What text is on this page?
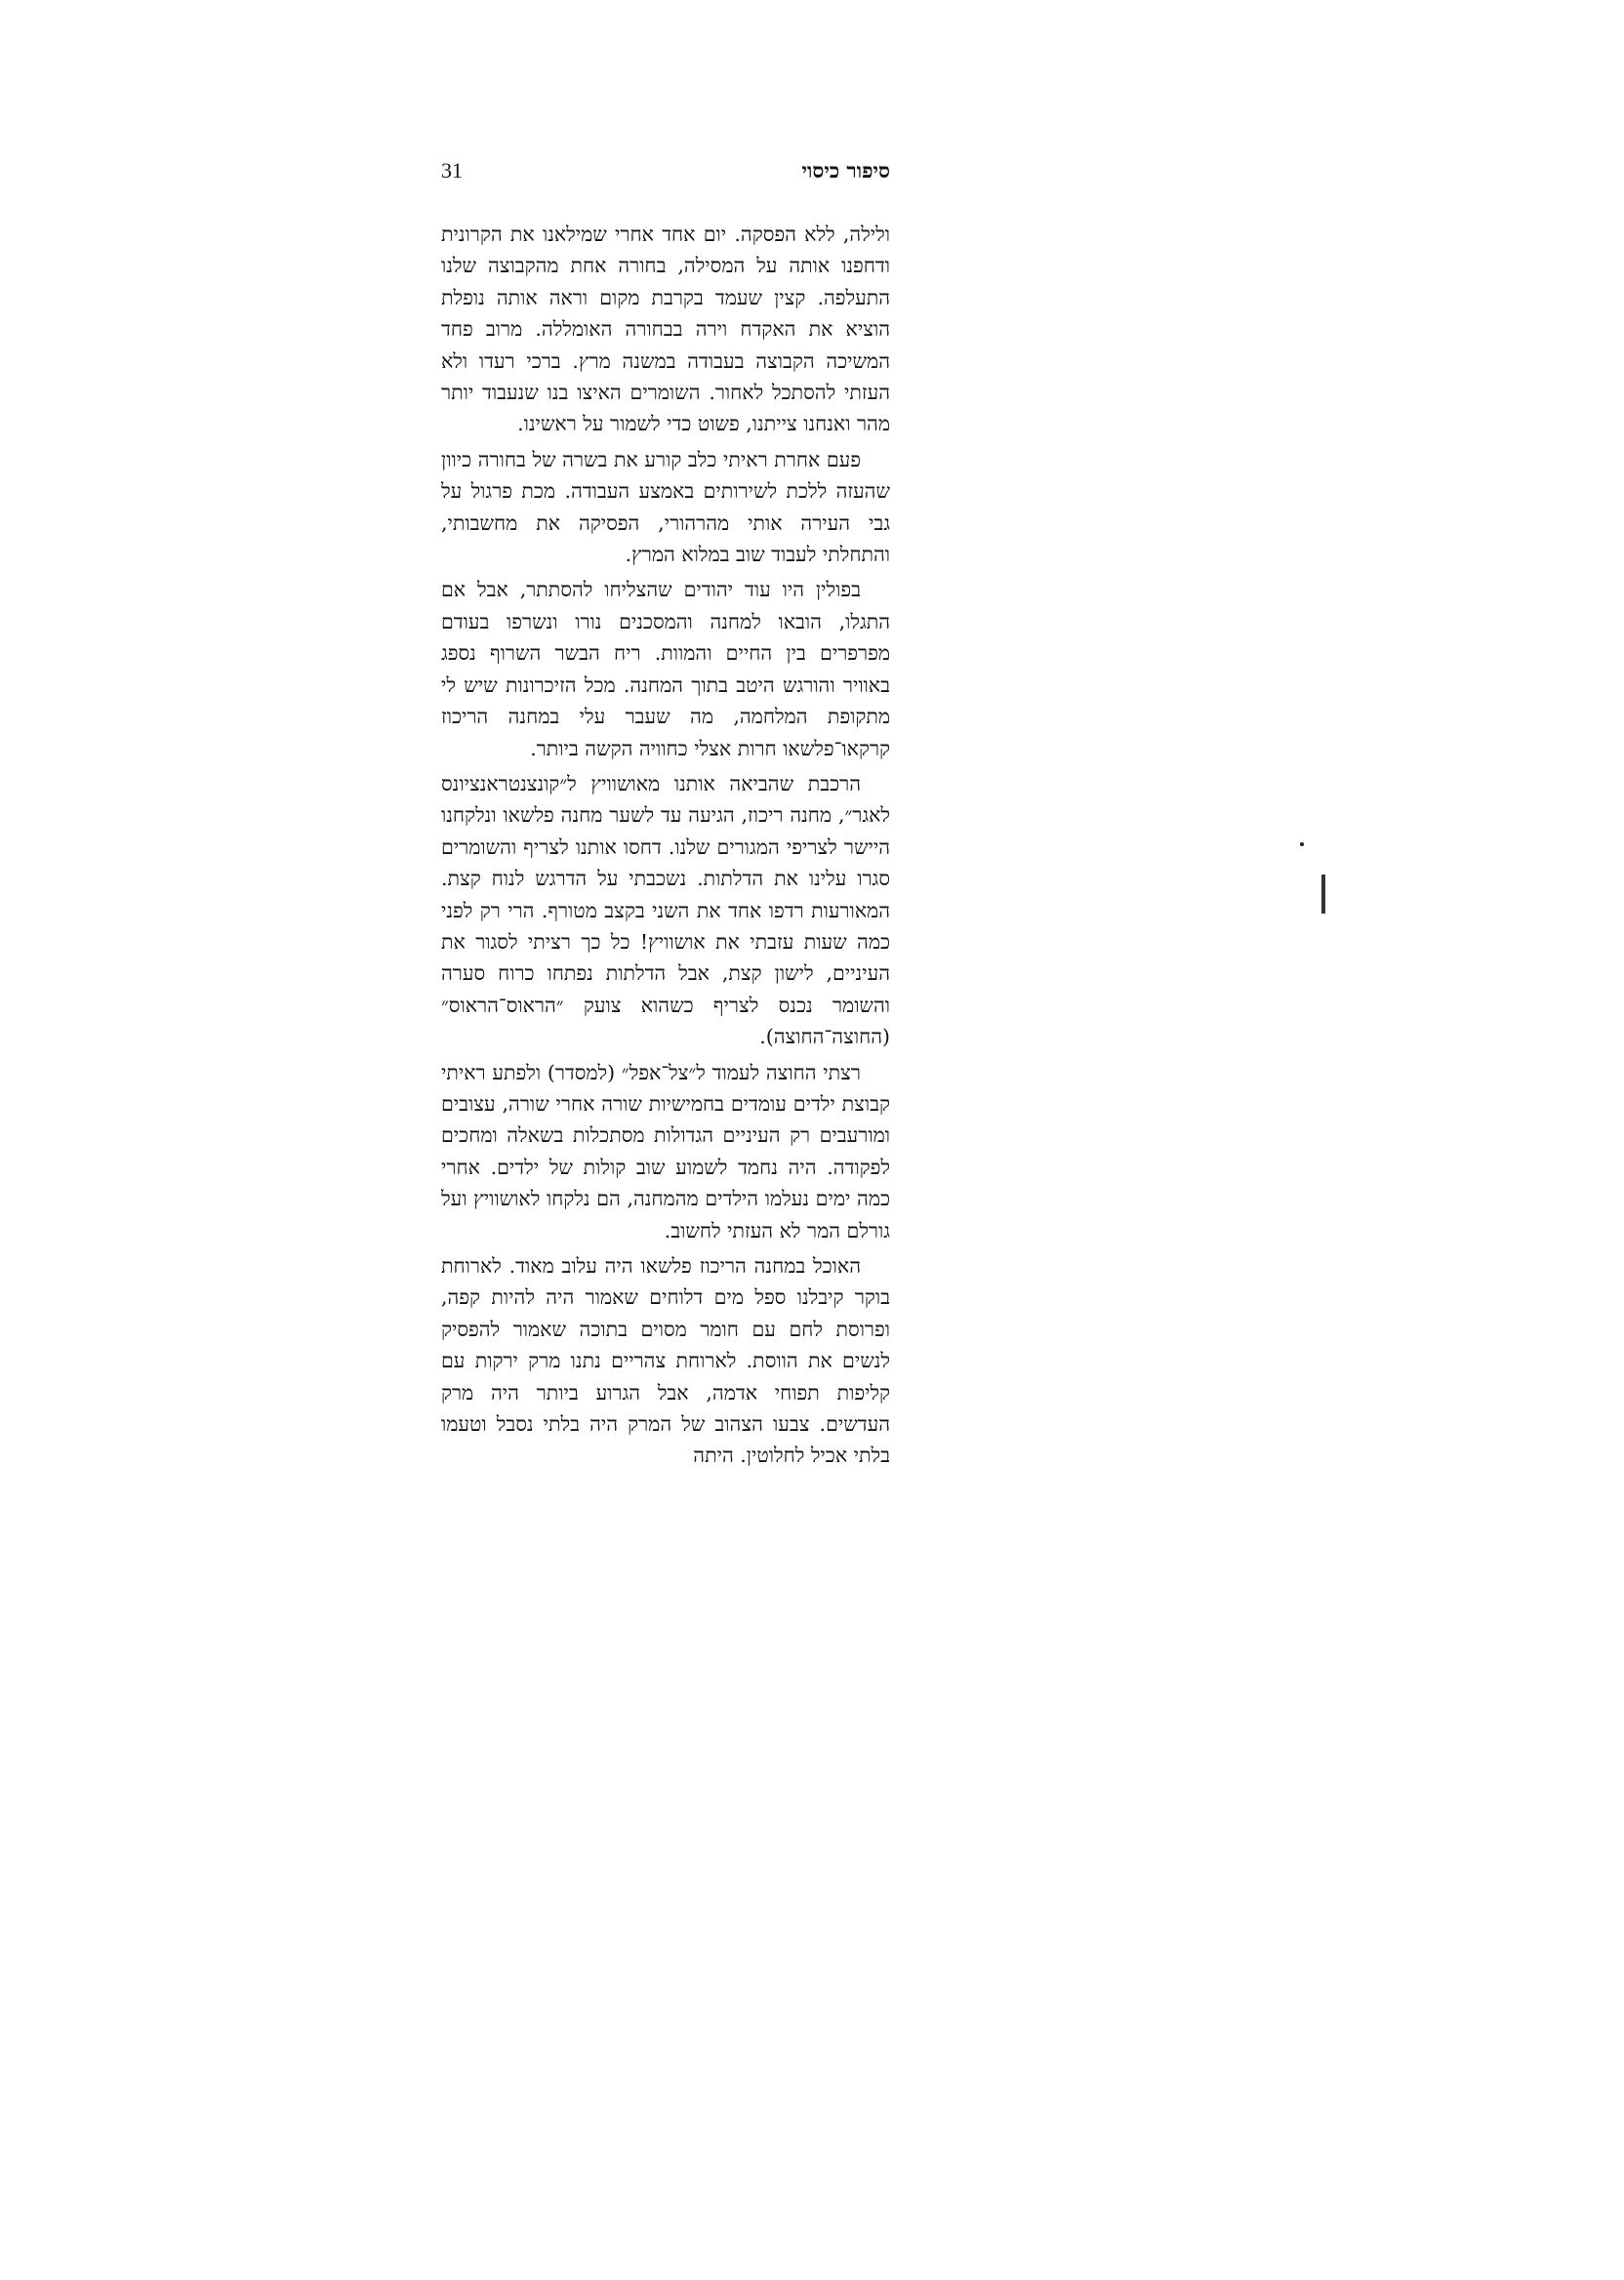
31	סיפור כיסוי

ולילה, ללא הפסקה. יום אחד אחרי שמילאנו את הקרונית ודחפנו אותה על המסילה, בחורה אחת מהקבוצה שלנו התעלפה. קצין שעמד בקרבת מקום וראה אותה נופלת הוציא את האקדח וירה בבחורה האומללה. מרוב פחד המשיכה הקבוצה בעבודה במשנה מרץ. ברכי רעדו ולא העזתי להסתכל לאחור. השומרים האיצו בנו שנעבוד יותר מהר ואנחנו צייתנו, פשוט כדי לשמור על ראשינו.

פעם אחרת ראיתי כלב קורע את בשרה של בחורה כיוון שהעזה ללכת לשירותים באמצע העבודה. מכת פרגול על גבי העירה אותי מהרהורי, הפסיקה את מחשבותי, והתחלתי לעבוד שוב במלוא המרץ.

בפולין היו עוד יהודים שהצליחו להסתתר, אבל אם התגלו, הובאו למחנה והמסכנים נורו ונשרפו בעודם מפרפרים בין החיים והמוות. ריח הבשר השרוף נספג באוויר והורגש היטב בתוך המחנה. מכל הזיכרונות שיש לי מתקופת המלחמה, מה שעבר עלי במחנה הריכוז קרקאו־פלשאו חרות אצלי כחוויה הקשה ביותר.

הרכבת שהביאה אותנו מאושוויץ ל״קונצנטראנציונס לאגר״, מחנה ריכוז, הגיעה עד לשער מחנה פלשאו ונלקחנו היישר לצריפי המגורים שלנו. דחסו אותנו לצריף והשומרים סגרו עלינו את הדלתות. נשכבתי על הדרגש לנוח קצת. המאורעות רדפו אחד את השני בקצב מטורף. הרי רק לפני כמה שעות עזבתי את אושוויץ! כל כך רציתי לסגור את העיניים, לישון קצת, אבל הדלתות נפתחו כרוח סערה והשומר נכנס לצריף כשהוא צועק ״הראוס־הראוס״ (החוצה־החוצה).

רצתי החוצה לעמוד ל״צל־אפל״ (למסדר) ולפתע ראיתי קבוצת ילדים עומדים בחמישיות שורה אחרי שורה, עצובים ומורעבים רק העיניים הגדולות מסתכלות בשאלה ומחכים לפקודה. היה נחמד לשמוע שוב קולות של ילדים. אחרי כמה ימים נעלמו הילדים מהמחנה, הם נלקחו לאושוויץ ועל גורלם המר לא העזתי לחשוב.

האוכל במחנה הריכוז פלשאו היה עלוב מאוד. לארוחת בוקר קיבלנו ספל מים דלוחים שאמור היה להיות קפה, ופרוסת לחם עם חומר מסוים בתוכה שאמור להפסיק לנשים את הווסת. לארוחת צהריים נתנו מרק ירקות עם קליפות תפוחי אדמה, אבל הגרוע ביותר היה מרק העדשים. צבעו הצהוב של המרק היה בלתי נסבל וטעמו בלתי אכיל לחלוטין. היתה
